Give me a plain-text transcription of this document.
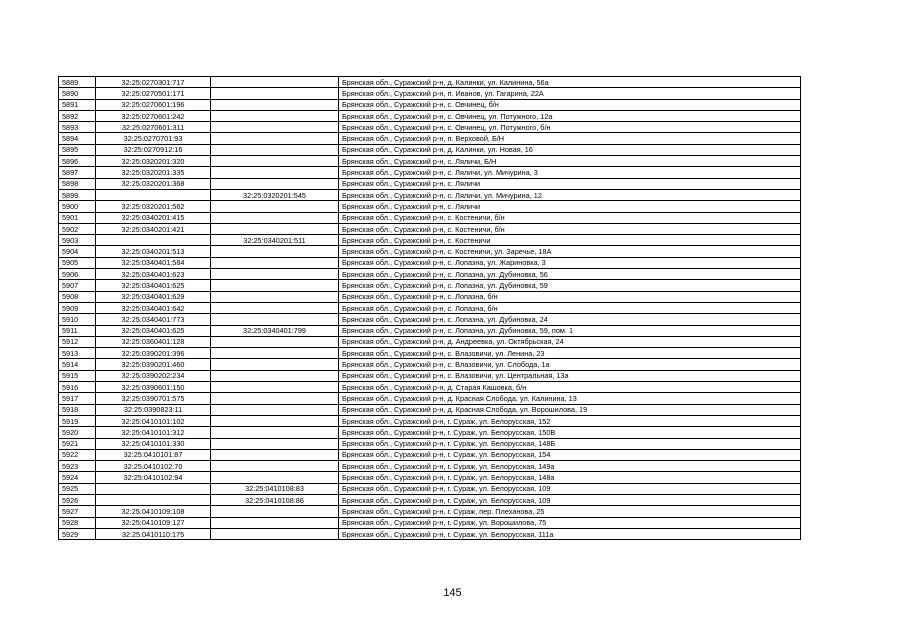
5889	32:25:0270301:717		Брянская обл., Суражский р-н, д. Калинки, ул. Калинина, 56а
5890	32:25:0270501:171		Брянская обл., Суражский р-н, п. Иванов, ул. Гагарина, 22А
5891	32:25:0270601:196		Брянская обл., Суражский р-н, с. Овчинец, б/н
5892	32:25:0270601:242		Брянская обл., Суражский р-н, с. Овчинец, ул. Потужного, 12а
5893	32:25:0270601:311		Брянская обл., Суражский р-н, с. Овчинец, ул. Потужного, б/н
5894	32:25:0270701:93		Брянская обл., Суражский р-н, п. Верховой, Б/Н
5895	32:25:0270912:16		Брянская обл., Суражский р-н, д. Калинки, ул. Новая, 16
5896	32:25:0320201:320		Брянская обл., Суражский р-н, с. Ляличи, Б/Н
5897	32:25:0320201:335		Брянская обл., Суражский р-н, с. Ляличи, ул. Мичурина, 3
5898	32:25:0320201:368		Брянская обл., Суражский р-н, с. Ляличи
5899		32:25:0320201:545	Брянская обл., Суражский р-н, с. Ляличи, ул. Мичурина, 12
5900	32:25:0320201:562		Брянская обл., Суражский р-н, с. Ляличи
5901	32:25:0340201:415		Брянская обл., Суражский р-н, с. Костеничи, б/н
5902	32:25:0340201:421		Брянская обл., Суражский р-н, с. Костеничи, б/н
5903		32:25:0340201:511	Брянская обл., Суражский р-н, с. Костеничи
5904	32:25:0340201:513		Брянская обл., Суражский р-н, с. Костеничи, ул. Заречье, 18А
5905	32:25:0340401:584		Брянская обл., Суражский р-н, с. Лопазна, ул. Жариновка, 3
5906	32:25:0340401:623		Брянская обл., Суражский р-н, с. Лопазна, ул. Дубиновка, 56
5907	32:25:0340401:625		Брянская обл., Суражский р-н, с. Лопазна, ул. Дубиновка, 59
5908	32:25:0340401:629		Брянская обл., Суражский р-н, с. Лопазна, б/н
5909	32:25:0340401:642		Брянская обл., Суражский р-н, с. Лопазна, б/н
5910	32:25:0340401:773		Брянская обл., Суражский р-н, с. Лопазна, ул. Дубиновка, 24
5911	32:25:0340401:625	32:25:0340401:799	Брянская обл., Суражский р-н, с. Лопазна, ул. Дубиновка, 59, пом. 1
5912	32:25:0360401:128		Брянская обл., Суражский р-н, д. Андреевка, ул. Октябрьская, 24
5913	32:25:0390201:396		Брянская обл., Суражский р-н, с. Влазовичи, ул. Ленина, 23
5914	32:25:0390201:460		Брянская обл., Суражский р-н, с. Влазовичи, ул. Слобода, 1а
5915	32:25:0390202:234		Брянская обл., Суражский р-н, с. Влазовичи, ул. Центральная, 13а
5916	32:25:0390601:150		Брянская обл., Суражский р-н, д. Старая Кашовка, б/н
5917	32:25:0390701:575		Брянская обл., Суражский р-н, д. Красная Слобода, ул. Калинина, 13
5918	32:25:0390823:11		Брянская обл., Суражский р-н, д. Красная Слобода, ул. Ворошилова, 19
5919	32:25:0410101:102		Брянская обл., Суражский р-н, г. Сураж, ул. Белорусская, 152
5920	32:25:0410101:312		Брянская обл., Суражский р-н, г. Сураж, ул. Белорусская, 150В
5921	32:25:0410101:330		Брянская обл., Суражский р-н, г. Сураж, ул. Белорусская, 148Б
5922	32:25:0410101:87		Брянская обл., Суражский р-н, г. Сураж, ул. Белорусская, 154
5923	32:25:0410102:70		Брянская обл., Суражский р-н, г. Сураж, ул. Белорусская, 149а
5924	32:25:0410102:94		Брянская обл., Суражский р-н, г. Сураж, ул. Белорусская, 148а
5925		32:25:0410108:83	Брянская обл., Суражский р-н, г. Сураж, ул. Белорусская, 109
5926		32:25:0410108:86	Брянская обл., Суражский р-н, г. Сураж, ул. Белорусская, 109
5927	32:25:0410109:108		Брянская обл., Суражский р-н, г. Сураж, пер. Плеханова, 25
5928	32:25:0410109:127		Брянская обл., Суражский р-н, г. Сураж, ул. Ворошилова, 75
5929	32:25:0410110:175		Брянская обл., Суражский р-н, г. Сураж, ул. Белорусская, 111а
145
